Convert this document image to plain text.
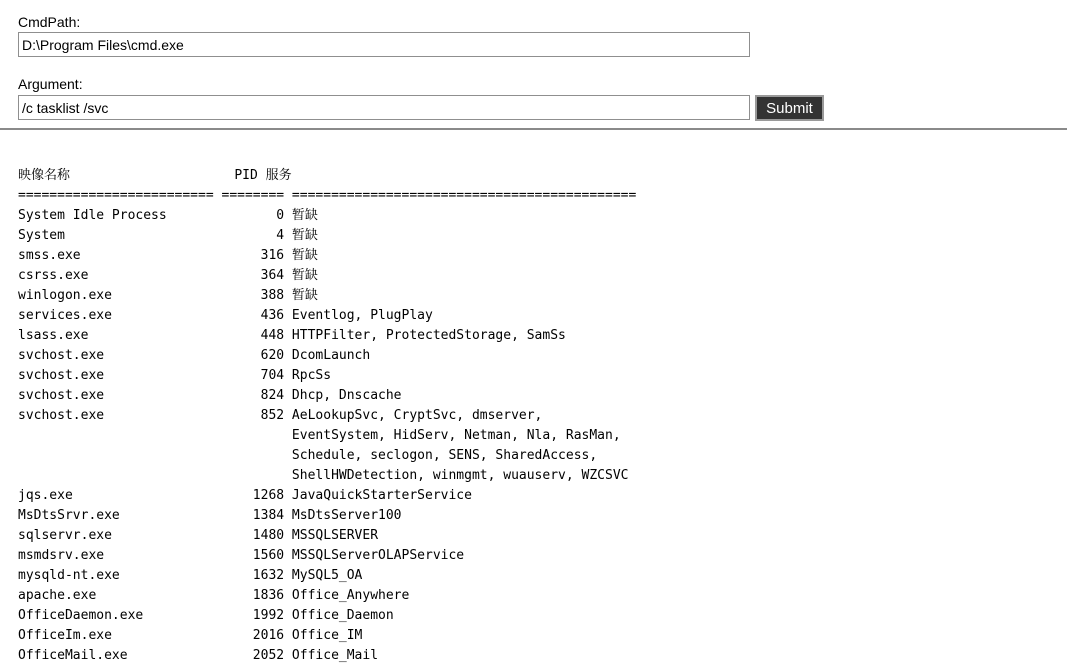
CmdPath:
D:\Program Files\cmd.exe
Argument:
/c tasklist /svc
Submit
映像名称                     PID 服务
========================= ======== ============================================
System Idle Process              0 暂缺
System                           4 暂缺
smss.exe                       316 暂缺
csrss.exe                      364 暂缺
winlogon.exe                   388 暂缺
services.exe                   436 Eventlog, PlugPlay
lsass.exe                      448 HTTPFilter, ProtectedStorage, SamSs
svchost.exe                    620 DcomLaunch
svchost.exe                    704 RpcSs
svchost.exe                    824 Dhcp, Dnscache
svchost.exe                    852 AeLookupSvc, CryptSvc, dmserver,
EventSystem, HidServ, Netman, Nla, RasMan,
Schedule, seclogon, SENS, SharedAccess,
ShellHWDetection, winmgmt, wuauserv, WZCSVC
jqs.exe                       1268 JavaQuickStarterService
MsDtsSrvr.exe                 1384 MsDtsServer100
sqlservr.exe                  1480 MSSQLSERVER
msmdsrv.exe                   1560 MSSQLServerOLAPService
mysqld-nt.exe                 1632 MySQL5_OA
apache.exe                    1836 Office_Anywhere
OfficeDaemon.exe              1992 Office_Daemon
OfficeIm.exe                  2016 Office_IM
OfficeMail.exe                2052 Office_Mail
